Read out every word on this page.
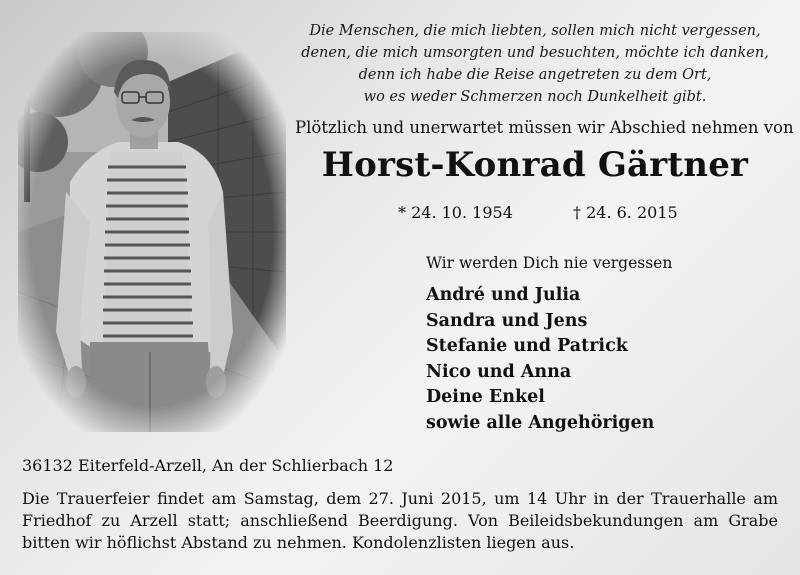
Die Menschen, die mich liebten, sollen mich nicht vergessen,
denen, die mich umsorgten und besuchten, möchte ich danken,
denn ich habe die Reise angetreten zu dem Ort,
wo es weder Schmerzen noch Dunkelheit gibt.
Plötzlich und unerwartet müssen wir Abschied nehmen von
Horst-Konrad Gärtner
* 24. 10. 1954	† 24. 6. 2015
Wir werden Dich nie vergessen
André und Julia
Sandra und Jens
Stefanie und Patrick
Nico und Anna
Deine Enkel
sowie alle Angehörigen
36132 Eiterfeld-Arzell, An der Schlierbach 12
Die Trauerfeier findet am Samstag, dem 27. Juni 2015, um 14 Uhr in der Trauerhalle am Friedhof zu Arzell statt; anschließend Beerdigung. Von Beileidsbekundungen am Grabe bitten wir höflichst Abstand zu nehmen. Kondolenzlisten liegen aus.
